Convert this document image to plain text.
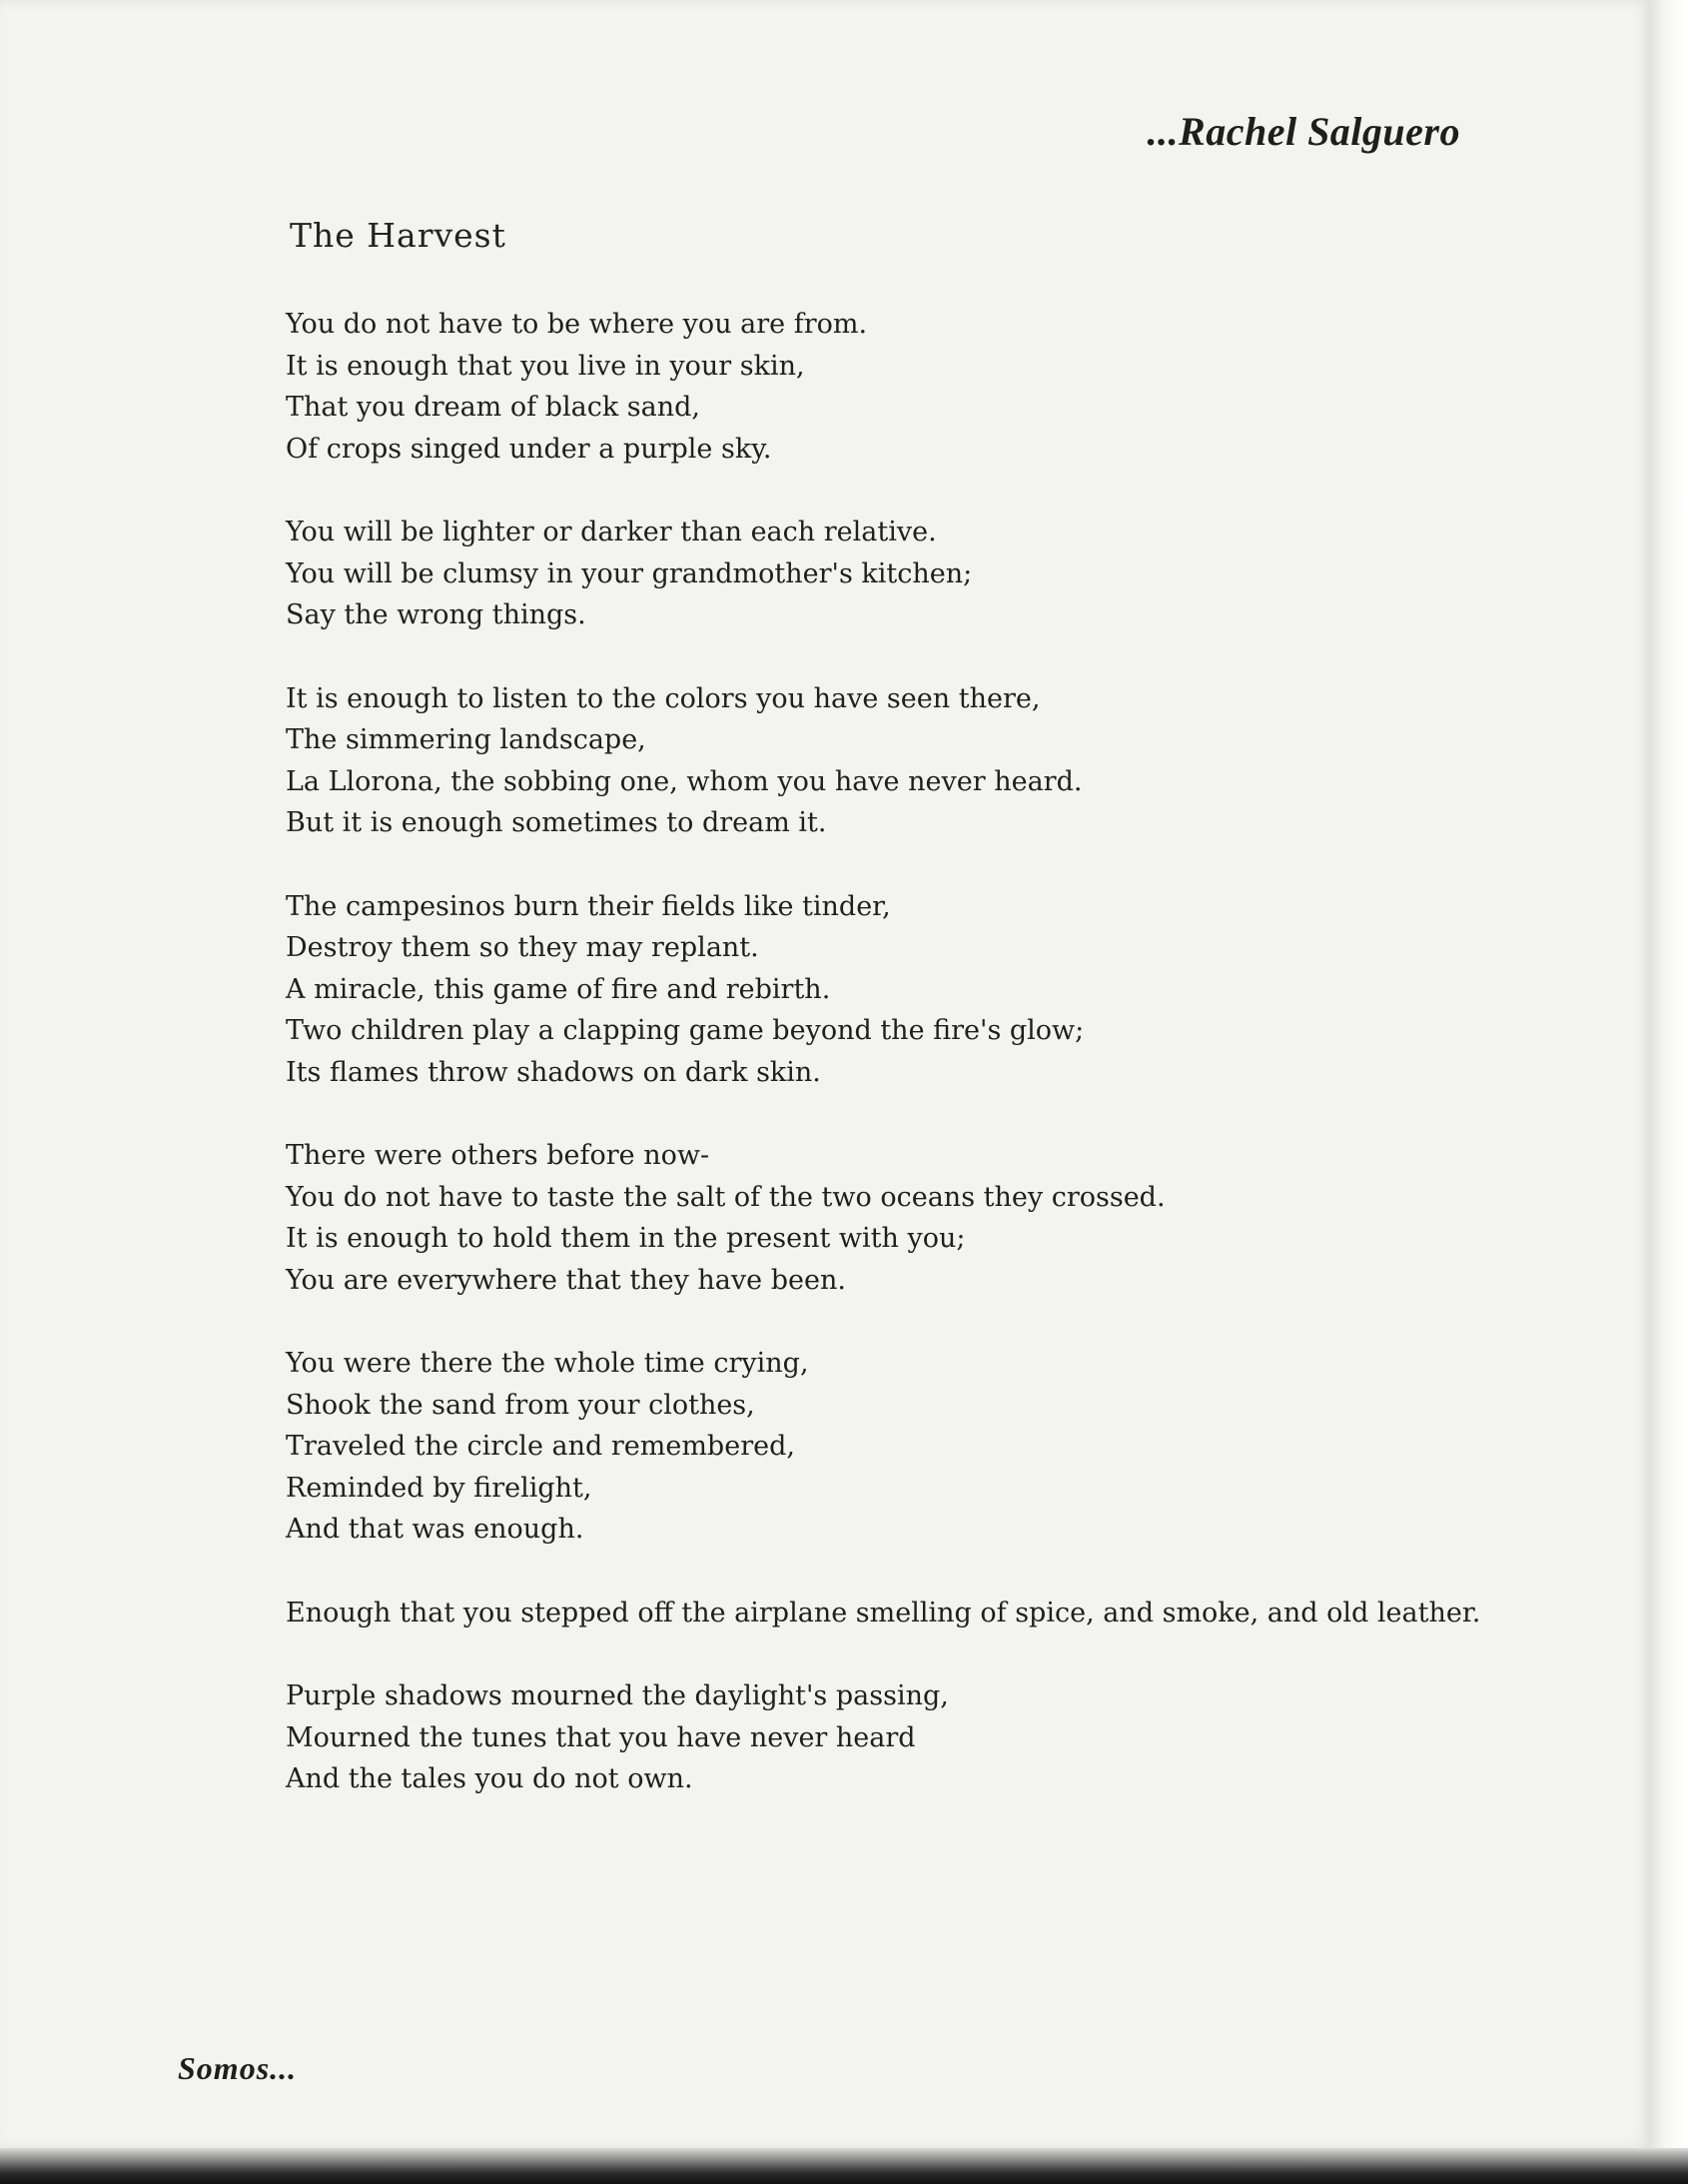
...Rachel Salguero
The Harvest
You do not have to be where you are from.
It is enough that you live in your skin,
That you dream of black sand,
Of crops singed under a purple sky.
You will be lighter or darker than each relative.
You will be clumsy in your grandmother's kitchen;
Say the wrong things.
It is enough to listen to the colors you have seen there,
The simmering landscape,
La Llorona, the sobbing one, whom you have never heard.
But it is enough sometimes to dream it.
The campesinos burn their fields like tinder,
Destroy them so they may replant.
A miracle, this game of fire and rebirth.
Two children play a clapping game beyond the fire's glow;
Its flames throw shadows on dark skin.
There were others before now-
You do not have to taste the salt of the two oceans they crossed.
It is enough to hold them in the present with you;
You are everywhere that they have been.
You were there the whole time crying,
Shook the sand from your clothes,
Traveled the circle and remembered,
Reminded by firelight,
And that was enough.
Enough that you stepped off the airplane smelling of spice, and smoke, and old leather.
Purple shadows mourned the daylight's passing,
Mourned the tunes that you have never heard
And the tales you do not own.
Somos...
